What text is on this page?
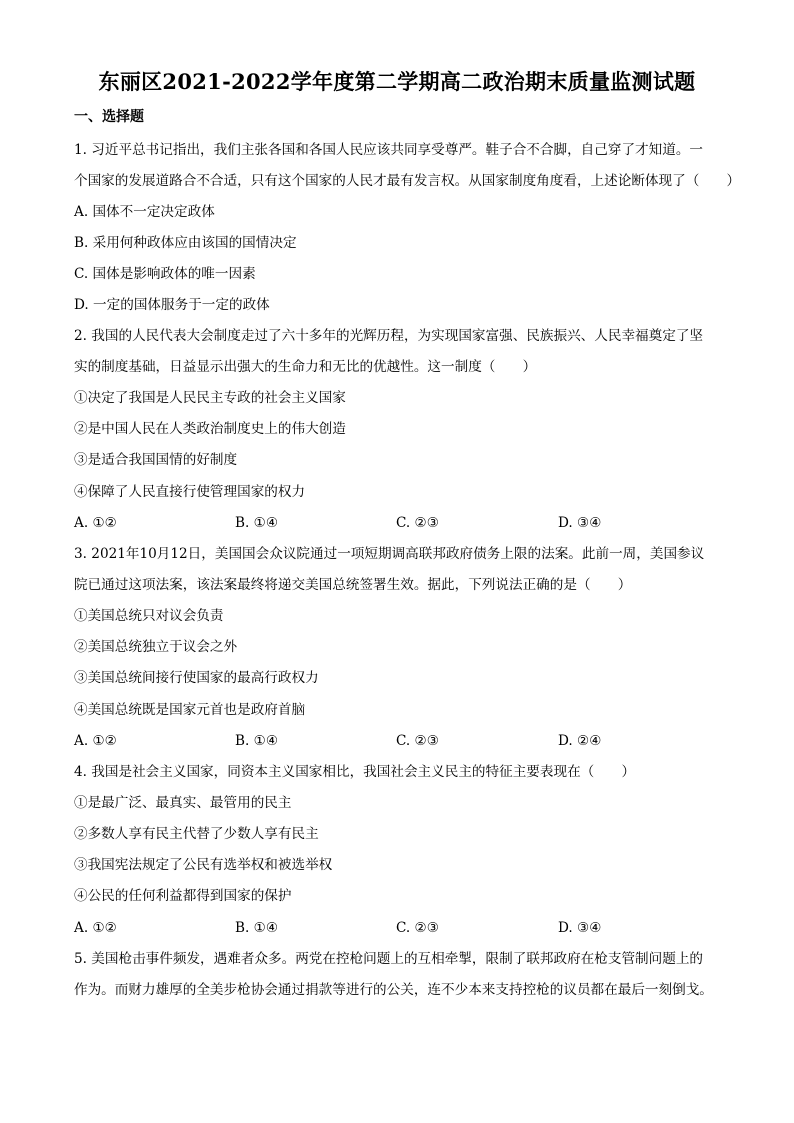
东丽区2021-2022学年度第二学期高二政治期末质量监测试题
一、选择题
1. 习近平总书记指出，我们主张各国和各国人民应该共同享受尊严。鞋子合不合脚，自己穿了才知道。一
个国家的发展道路合不合适，只有这个国家的人民才最有发言权。从国家制度角度看，上述论断体现了（　　）
A. 国体不一定决定政体
B. 采用何种政体应由该国的国情决定
C. 国体是影响政体的唯一因素
D. 一定的国体服务于一定的政体
2. 我国的人民代表大会制度走过了六十多年的光辉历程，为实现国家富强、民族振兴、人民幸福奠定了坚
实的制度基础，日益显示出强大的生命力和无比的优越性。这一制度（　　）
①决定了我国是人民民主专政的社会主义国家
②是中国人民在人类政治制度史上的伟大创造
③是适合我国国情的好制度
④保障了人民直接行使管理国家的权力
A. ①②	B. ①④	C. ②③	D. ③④
3. 2021年10月12日，美国国会众议院通过一项短期调高联邦政府债务上限的法案。此前一周，美国参议
院已通过这项法案，该法案最终将递交美国总统签署生效。据此，下列说法正确的是（　　）
①美国总统只对议会负责
②美国总统独立于议会之外
③美国总统间接行使国家的最高行政权力
④美国总统既是国家元首也是政府首脑
A. ①②	B. ①④	C. ②③	D. ②④
4. 我国是社会主义国家，同资本主义国家相比，我国社会主义民主的特征主要表现在（　　）
①是最广泛、最真实、最管用的民主
②多数人享有民主代替了少数人享有民主
③我国宪法规定了公民有选举权和被选举权
④公民的任何利益都得到国家的保护
A. ①②	B. ①④	C. ②③	D. ③④
5. 美国枪击事件频发，遇难者众多。两党在控枪问题上的互相牵掣，限制了联邦政府在枪支管制问题上的
作为。而财力雄厚的全美步枪协会通过捐款等进行的公关，连不少本来支持控枪的议员都在最后一刻倒戈。
